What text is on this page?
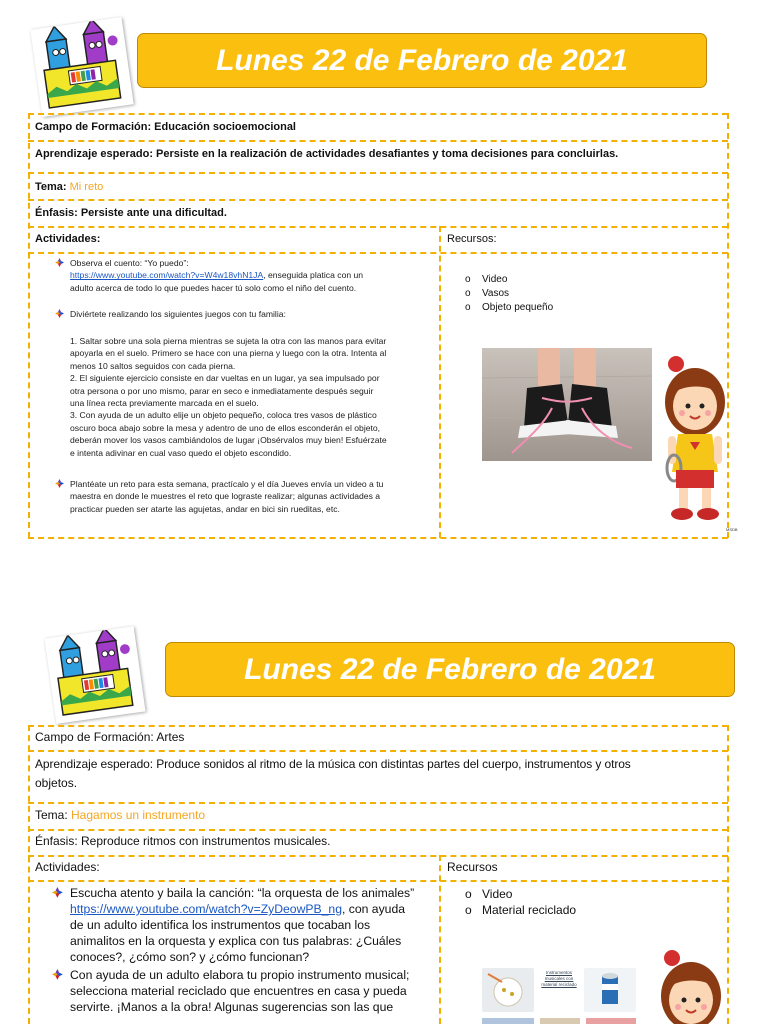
Lunes 22 de Febrero de 2021
Campo de Formación: Educación socioemocional
Aprendizaje esperado: Persiste en la realización de actividades desafiantes y toma decisiones para concluirlas.
Tema: Mi reto
Énfasis: Persiste ante una dificultad.
Actividades:	Recursos:
Observa el cuento: “Yo puedo”:
https://www.youtube.com/watch?v=W4w18vhN1JA, enseguida platica con un
adulto acerca de todo lo que puedes hacer tú solo como el niño del cuento.
Diviértete realizando los siguientes juegos con tu familia:
1. Saltar sobre una sola pierna mientras se sujeta la otra con las manos para evitar
apoyarla en el suelo. Primero se hace con una pierna y luego con la otra. Intenta al
menos 10 saltos seguidos con cada pierna.
2. El siguiente ejercicio consiste en dar vueltas en un lugar, ya sea impulsado por
otra persona o por uno mismo, parar en seco e inmediatamente después seguir
una línea recta previamente marcada en el suelo.
3. Con ayuda de un adulto elije un objeto pequeño, coloca tres vasos de plástico
oscuro boca abajo sobre la mesa y adentro de uno de ellos esconderán el objeto,
deberán mover los vasos cambiándolos de lugar ¡Obsérvalos muy bien! Esfuérzate
e intenta adivinar en cual vaso quedo el objeto escondido.
Plantéate un reto para esta semana, practícalo y el día Jueves envía un video a tu
maestra en donde le muestres el reto que lograste realizar; algunas actividades a
practicar pueden ser atarte las agujetas, andar en bici sin rueditas, etc.
o Video
o Vasos
o Objeto pequeño
MSDB
Lunes 22 de Febrero de 2021
Campo de Formación: Artes
Aprendizaje esperado: Produce sonidos al ritmo de la música con distintas partes del cuerpo, instrumentos y otros
objetos.
Tema: Hagamos un instrumento
Énfasis: Reproduce ritmos con instrumentos musicales.
Actividades:	Recursos
Escucha atento y baila la canción: “la orquesta de los animales”
https://www.youtube.com/watch?v=ZyDeowPB_ng, con ayuda
de un adulto identifica los instrumentos que tocaban los
animalitos en la orquesta y explica con tus palabras: ¿Cuáles
conoces?, ¿cómo son? y ¿cómo funcionan?
Con ayuda de un adulto elabora tu propio instrumento musical;
selecciona material reciclado que encuentres en casa y pueda
servirte. ¡Manos a la obra! Algunas sugerencias son las que
o Video
o Material reciclado
Instrumentos musicales con material reciclado
